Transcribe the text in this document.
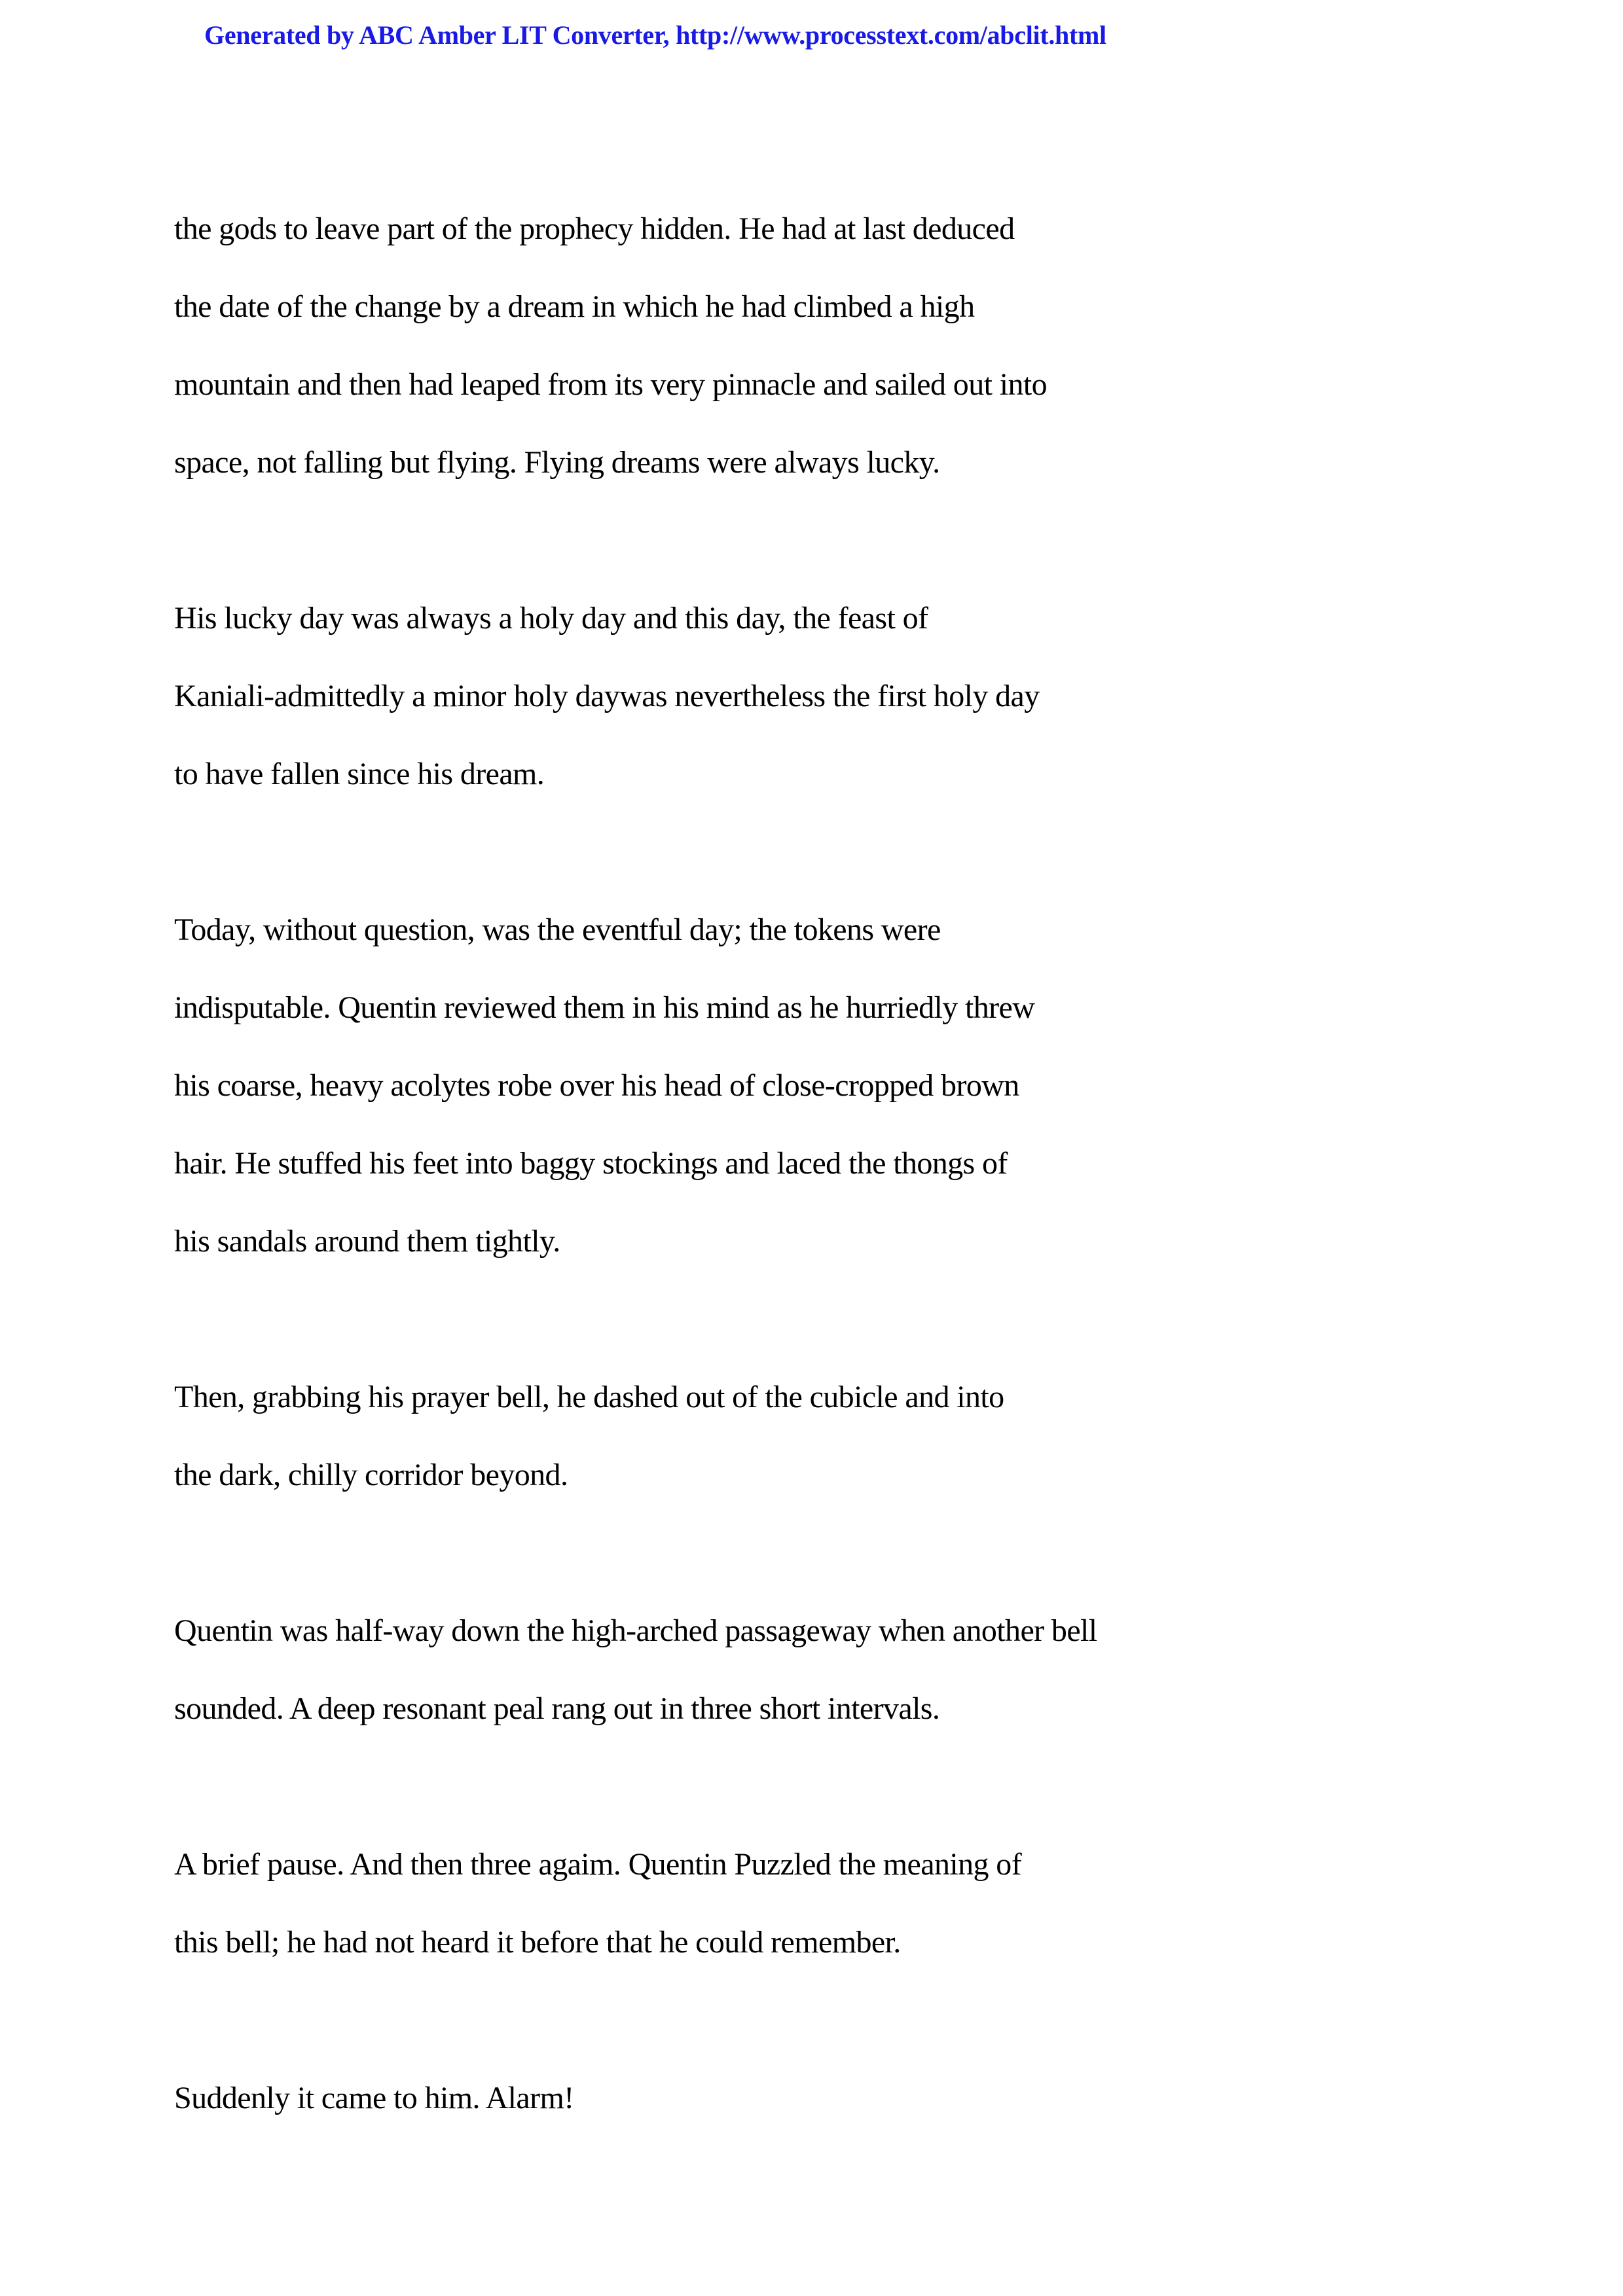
Generated by ABC Amber LIT Converter, http://www.processtext.com/abclit.html
the gods to leave part of the prophecy hidden. He had at last deduced
the date of the change by a dream in which he had climbed a high
mountain and then had leaped from its very pinnacle and sailed out into
space, not falling but flying. Flying dreams were always lucky.
His lucky day was always a holy day and this day, the feast of
Kaniali-admittedly a minor holy daywas nevertheless the first holy day
to have fallen since his dream.
Today, without question, was the eventful day; the tokens were
indisputable. Quentin reviewed them in his mind as he hurriedly threw
his coarse, heavy acolytes robe over his head of close-cropped brown
hair. He stuffed his feet into baggy stockings and laced the thongs of
his sandals around them tightly.
Then, grabbing his prayer bell, he dashed out of the cubicle and into
the dark, chilly corridor beyond.
Quentin was half-way down the high-arched passageway when another bell
sounded. A deep resonant peal rang out in three short intervals.
A brief pause. And then three agaim. Quentin Puzzled the meaning of
this bell; he had not heard it before that he could remember.
Suddenly it came to him. Alarm!
